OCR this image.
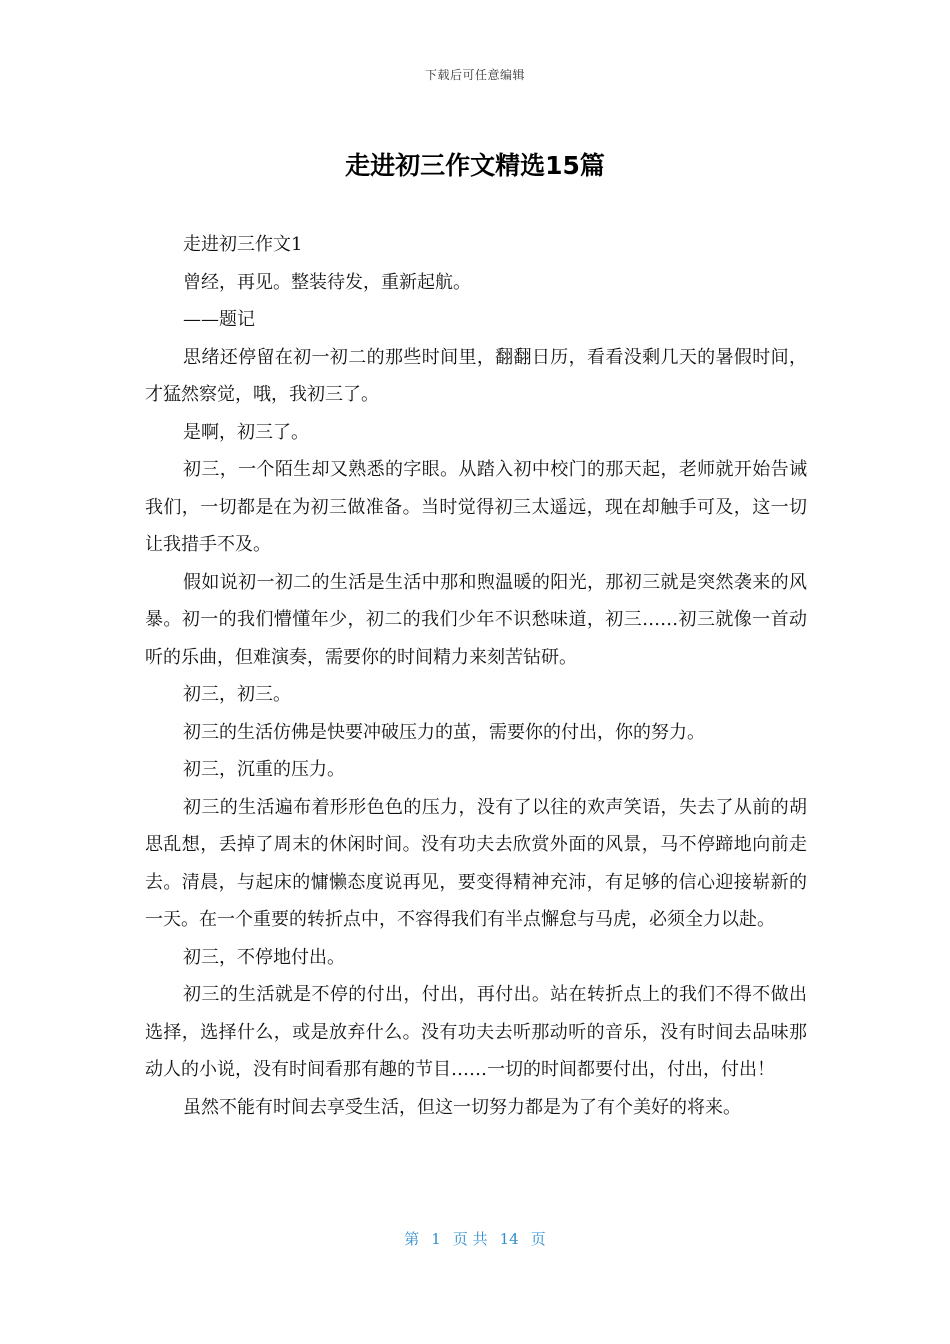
下载后可任意编辑
走进初三作文精选15篇

走进初三作文1

曾经，再见。整装待发，重新起航。

——题记

思绪还停留在初一初二的那些时间里，翻翻日历，看看没剩几天的暑假时间，才猛然察觉，哦，我初三了。

是啊，初三了。

初三，一个陌生却又熟悉的字眼。从踏入初中校门的那天起，老师就开始告诫我们，一切都是在为初三做准备。当时觉得初三太遥远，现在却触手可及，这一切让我措手不及。

假如说初一初二的生活是生活中那和煦温暖的阳光，那初三就是突然袭来的风暴。初一的我们懵懂年少，初二的我们少年不识愁味道，初三……初三就像一首动听的乐曲，但难演奏，需要你的时间精力来刻苦钻研。

初三，初三。

初三的生活仿佛是快要冲破压力的茧，需要你的付出，你的努力。

初三，沉重的压力。

初三的生活遍布着形形色色的压力，没有了以往的欢声笑语，失去了从前的胡思乱想，丢掉了周末的休闲时间。没有功夫去欣赏外面的风景，马不停蹄地向前走去。清晨，与起床的慵懒态度说再见，要变得精神充沛，有足够的信心迎接崭新的一天。在一个重要的转折点中，不容得我们有半点懈怠与马虎，必须全力以赴。

初三，不停地付出。

初三的生活就是不停的付出，付出，再付出。站在转折点上的我们不得不做出选择，选择什么，或是放弃什么。没有功夫去听那动听的音乐，没有时间去品味那动人的小说，没有时间看那有趣的节目……一切的时间都要付出，付出，付出！

虽然不能有时间去享受生活，但这一切努力都是为了有个美好的将来。

第 1 页 共 14 页
